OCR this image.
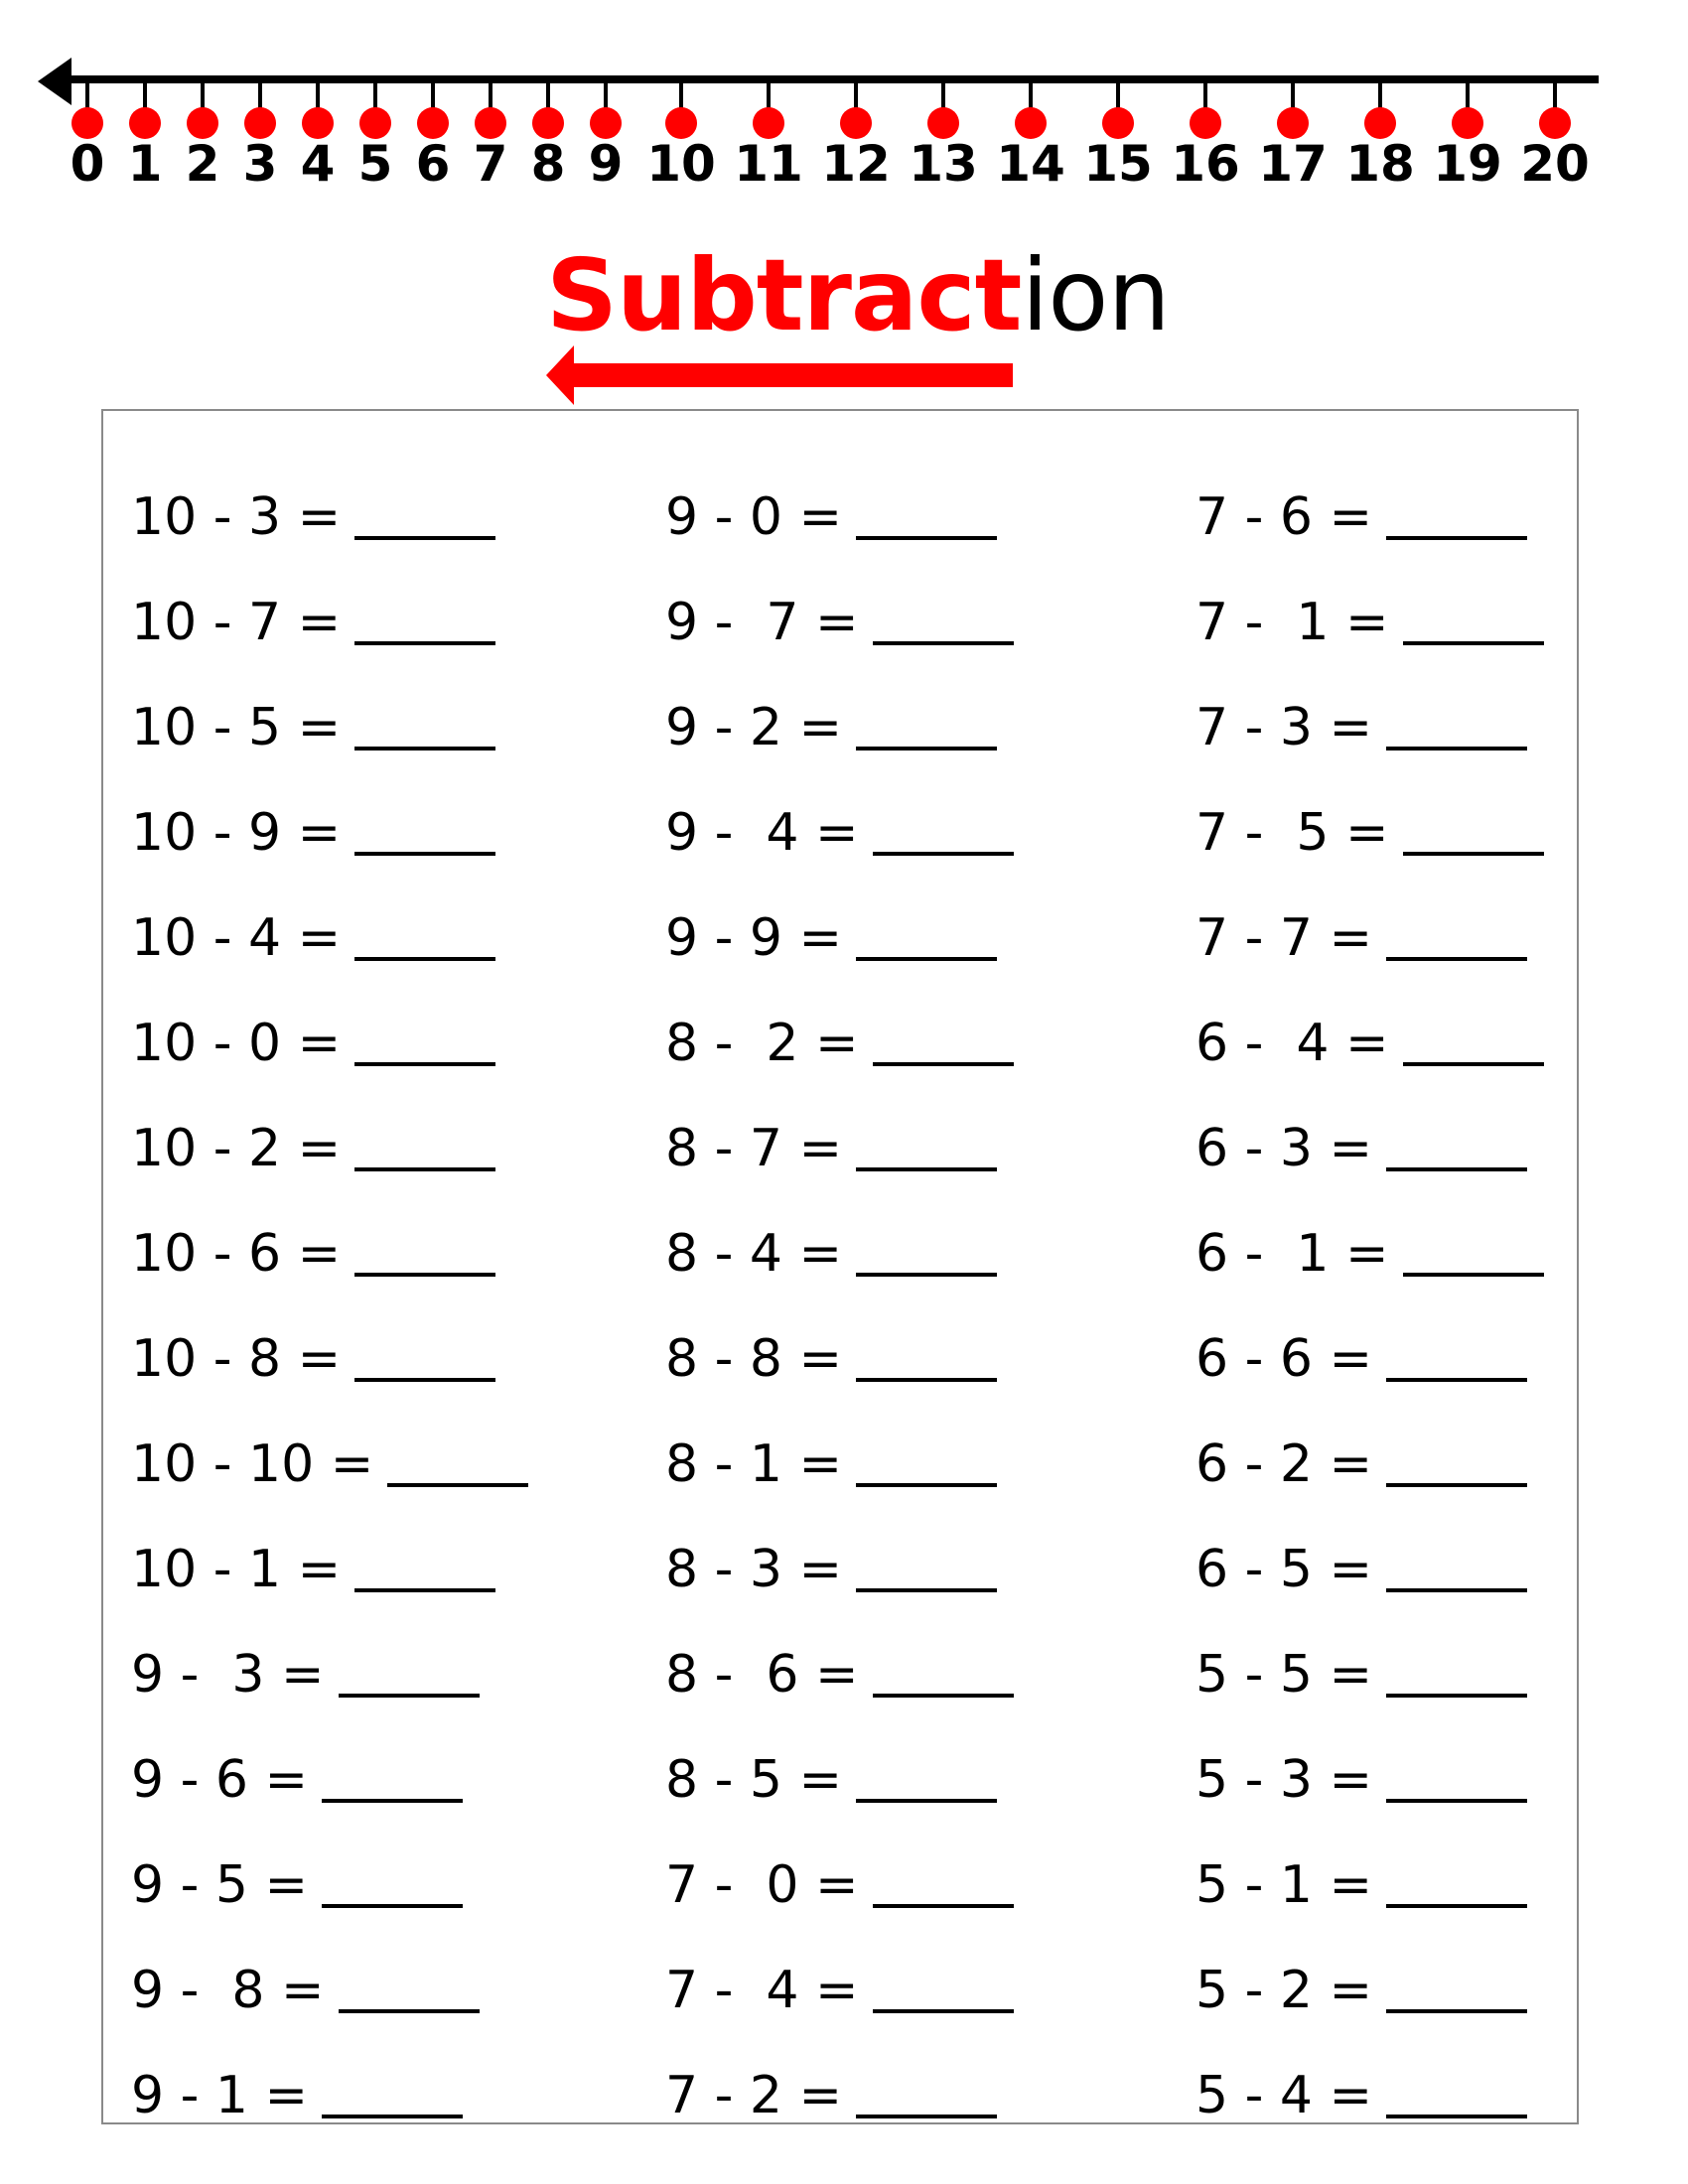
0 1 2 3 4 5 6 7 8 9 10 11 12 13 14 15 16 17 18 19 20
Subtraction
10 - 3 =
10 - 7 =
10 - 5 =
10 - 9 =
10 - 4 =
10 - 0 =
10 - 2 =
10 - 6 =
10 - 8 =
10 - 10 =
10 - 1 =
9 -  3 =
9 - 6 =
9 - 5 =
9 -  8 =
9 - 1 =
9 - 0 =
9 -  7 =
9 - 2 =
9 -  4 =
9 - 9 =
8 -  2 =
8 - 7 =
8 - 4 =
8 - 8 =
8 - 1 =
8 - 3 =
8 -  6 =
8 - 5 =
7 -  0 =
7 -  4 =
7 - 2 =
7 - 6 =
7 -  1 =
7 - 3 =
7 -  5 =
7 - 7 =
6 -  4 =
6 - 3 =
6 -  1 =
6 - 6 =
6 - 2 =
6 - 5 =
5 - 5 =
5 - 3 =
5 - 1 =
5 - 2 =
5 - 4 =
